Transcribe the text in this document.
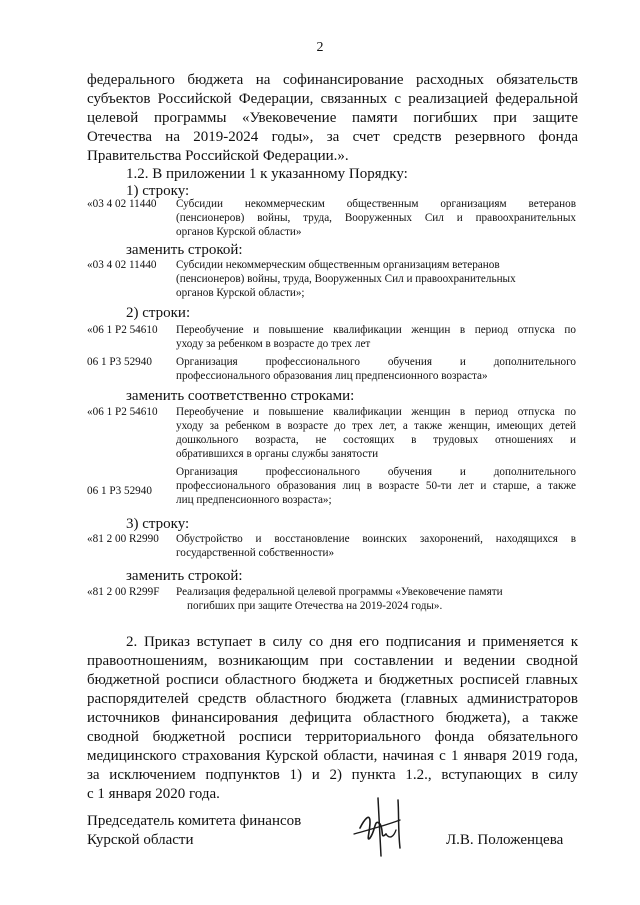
2
федерального бюджета на софинансирование расходных обязательств
субъектов Российской Федерации, связанных с реализацией федеральной
целевой программы «Увековечение памяти погибших при защите
Отечества на 2019-2024 годы», за счет средств резервного фонда
Правительства Российской Федерации.».
1.2. В приложении 1 к указанному Порядку:
1) строку:
«03 4 02 11440 Субсидии некоммерческим общественным организациям ветеранов
(пенсионеров) войны, труда, Вооруженных Сил и правоохранительных
органов Курской области»
заменить строкой:
«03 4 02 11440 Субсидии некоммерческим общественным организациям ветеранов
(пенсионеров) войны, труда, Вооруженных Сил и правоохранительных
органов Курской области»;
2) строки:
«06 1 P2 54610 Переобучение и повышение квалификации женщин в период отпуска по
уходу за ребенком в возрасте до трех лет
06 1 P3 52940 Организация профессионального обучения и дополнительного
профессионального образования лиц предпенсионного возраста»
заменить соответственно строками:
«06 1 P2 54610 Переобучение и повышение квалификации женщин в период отпуска по
уходу за ребенком в возрасте до трех лет, а также женщин, имеющих детей
дошкольного возраста, не состоящих в трудовых отношениях и
обратившихся в органы службы занятости
06 1 P3 52940
Организация профессионального обучения и дополнительного
профессионального образования лиц в возрасте 50-ти лет и старше, а также
лиц предпенсионного возраста»;
3) строку:
«81 2 00 R2990 Обустройство и восстановление воинских захоронений, находящихся в
государственной собственности»
заменить строкой:
«81 2 00 R299F Реализация федеральной целевой программы «Увековечение памяти
погибших при защите Отечества на 2019-2024 годы».
2. Приказ вступает в силу со дня его подписания и применяется к
правоотношениям, возникающим при составлении и ведении сводной
бюджетной росписи областного бюджета и бюджетных росписей главных
распорядителей средств областного бюджета (главных администраторов
источников финансирования дефицита областного бюджета), а также
сводной бюджетной росписи территориального фонда обязательного
медицинского страхования Курской области, начиная с 1 января 2019 года,
за исключением подпунктов 1) и 2) пункта 1.2., вступающих в силу
с 1 января 2020 года.
Председатель комитета финансов
Курской области	Л.В. Положенцева
